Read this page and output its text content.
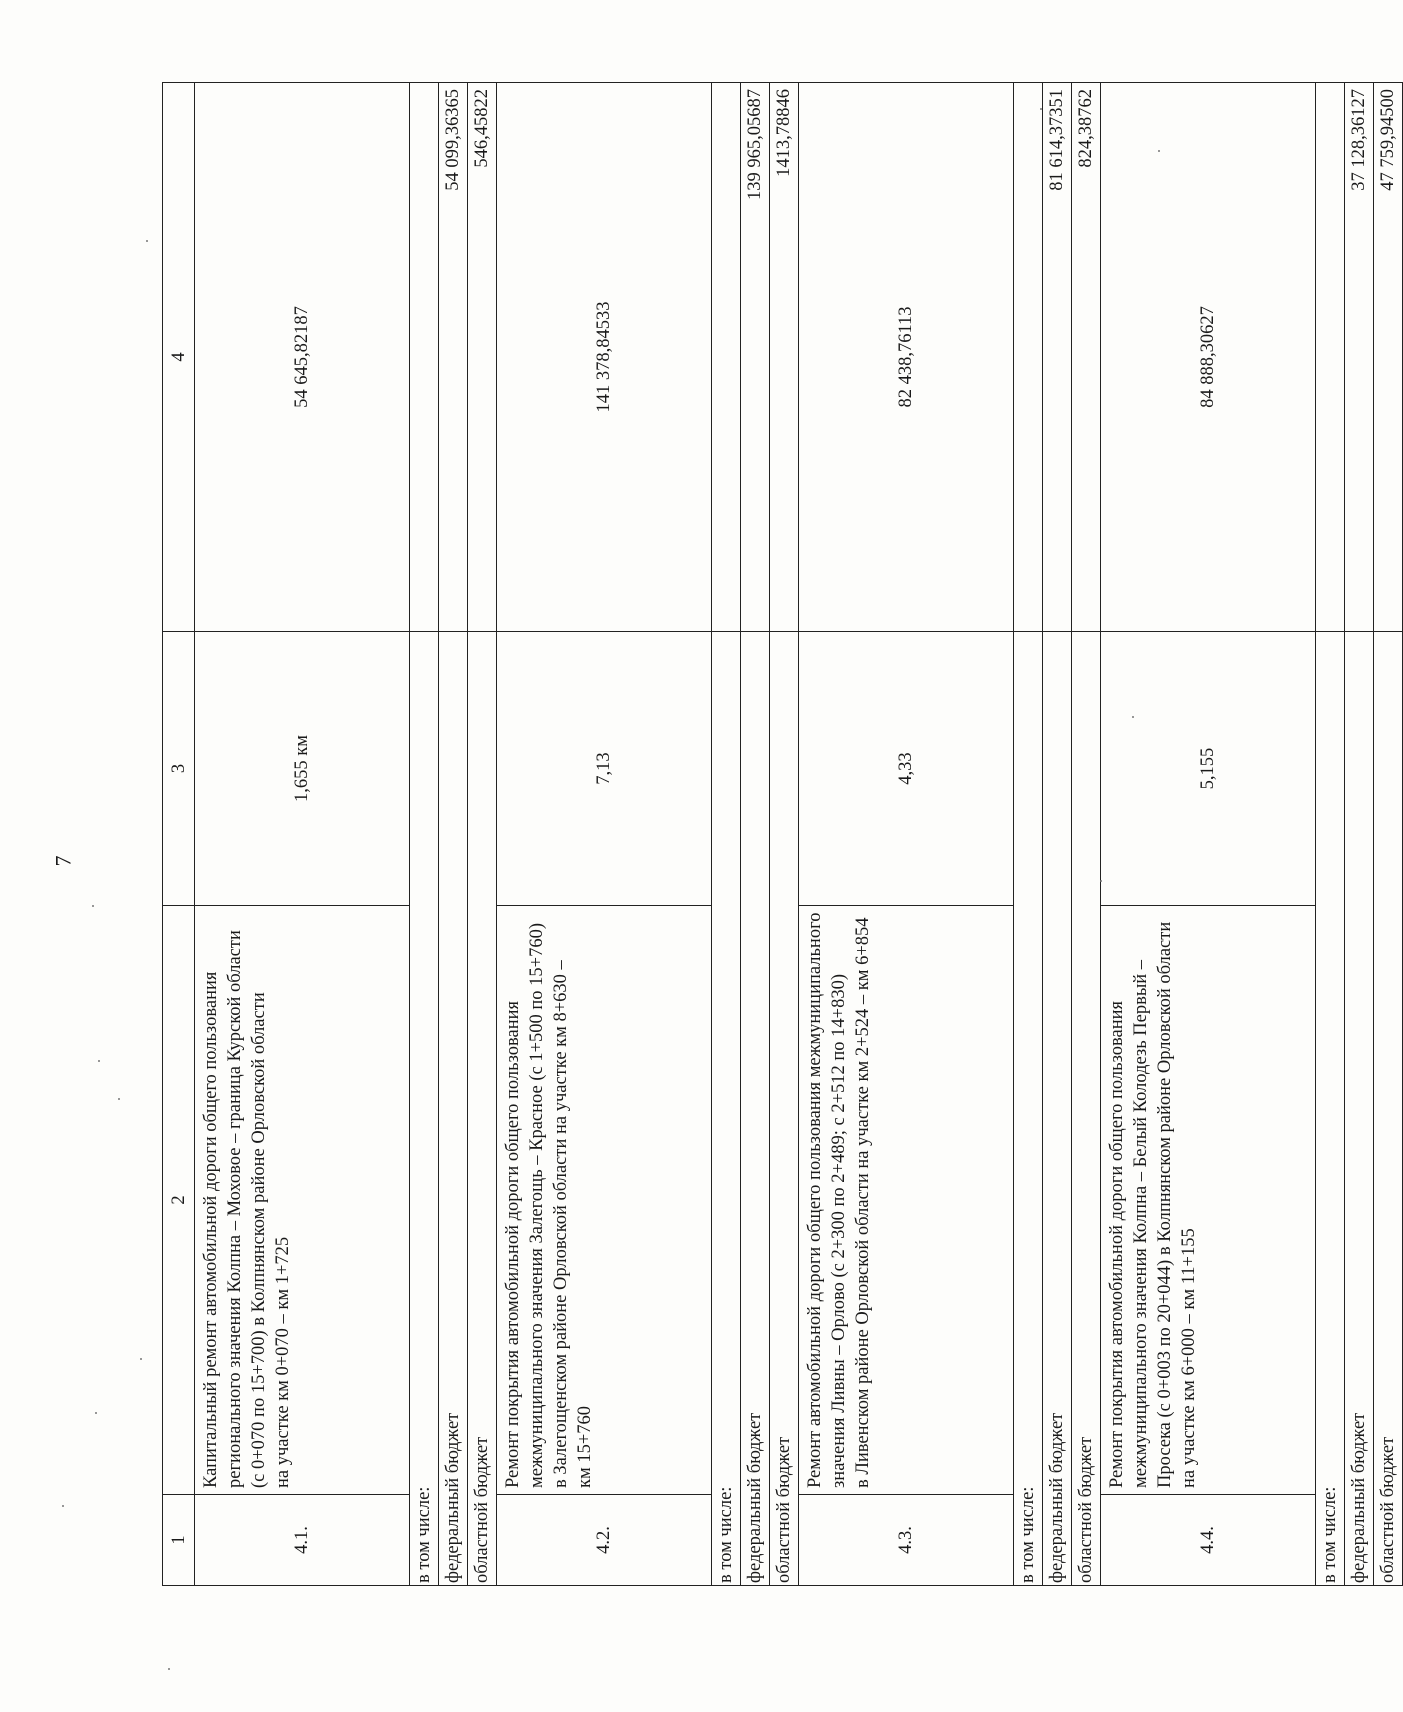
7
1	2	3	4
4.1.	Капитальный ремонт автомобильной дороги общего пользования регионального значения Колпна – Моховое – граница Курской области (с 0+070 по 15+700) в Колпнянском районе Орловской области на участке км 0+070 – км 1+725	1,655 км	54 645,82187
в том числе:			
федеральный бюджет			54 099,36365
областной бюджет			546,45822
4.2.	Ремонт покрытия автомобильной дороги общего пользования межмуниципального значения Залегощь – Красное (с 1+500 по 15+760) в Залегощенском районе Орловской области на участке км 8+630 – км 15+760	7,13	141 378,84533
в том числе:			
федеральный бюджет			139 965,05687
областной бюджет			1413,78846
4.3.	Ремонт автомобильной дороги общего пользования межмуниципального значения Ливны – Орлово (с 2+300 по 2+489; с 2+512 по 14+830) в Ливенском районе Орловской области на участке км 2+524 – км 6+854	4,33	82 438,76113
в том числе:			
федеральный бюджет			81 614,37351
областной бюджет			824,38762
4.4.	Ремонт покрытия автомобильной дороги общего пользования межмуниципального значения Колпна – Белый Колодезь Первый – Просека (с 0+003 по 20+044) в Колпнянском районе Орловской области на участке км 6+000 – км 11+155	5,155	84 888,30627
в том числе:			
федеральный бюджет			37 128,36127
областной бюджет			47 759,94500
